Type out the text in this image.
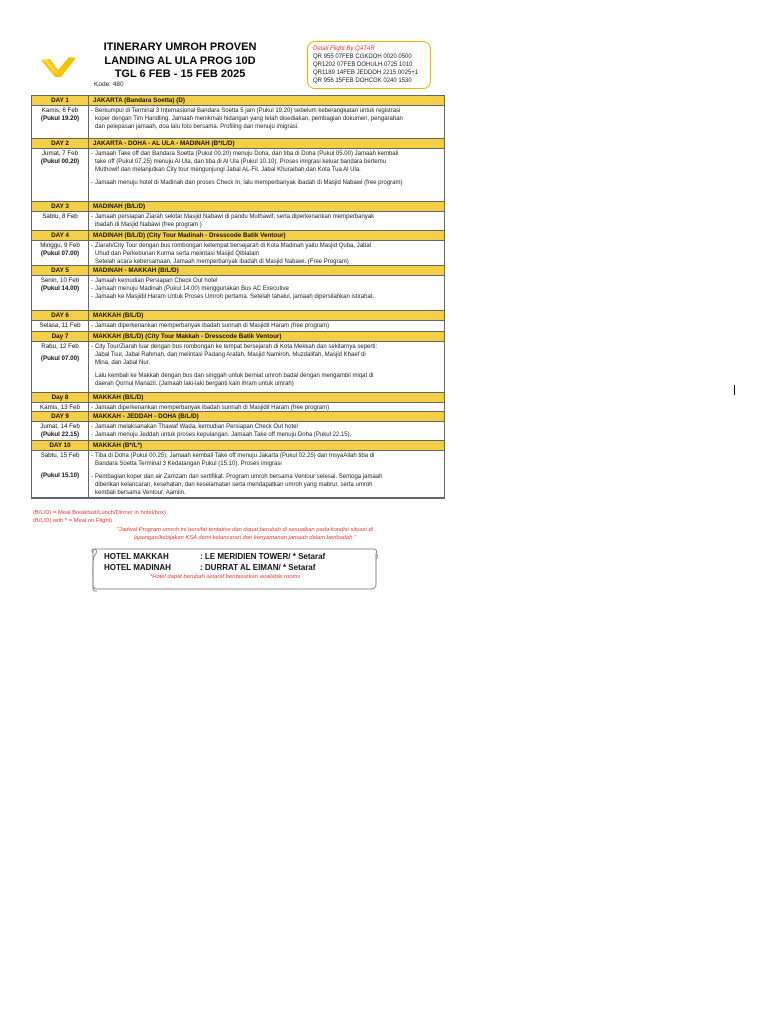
ITINERARY UMROH PROVEN
LANDING AL ULA PROG 10D
TGL 6 FEB - 15 FEB 2025
Kode: 480
Detail Flight By QATAR
QR 955 07FEB CGKDOH 0020 0500
QR1202 07FEB DOHULH 0725 1010
QR1189 14FEB JEDDOH 2215 0025+1
QR 956 15FEB DOHCGK 0240 1530
DAY 1	JAKARTA (Bandara Soetta) (D)
Kamis, 6 Feb
(Pukul 19.20)
- Berkumpul di Terminal 3 Internasional Bandara Soetta 5 jam (Pukul 19.20) sebelum keberangkatan untuk registrasi
koper dengan Tim Handling. Jamaah menikmati hidangan yang telah disediakan, pembagian dokumen, pengarahan
dan pelepasan jamaah, doa lalu foto bersama. Profiling dan menuju imigrasi.
DAY 2	JAKARTA - DOHA - AL ULA - MADINAH (B*/L/D)
Jumat, 7 Feb
(Pukul 00.20)
- Jamaah Take off dari Bandara Soetta (Pukul 00.20) menuju Doha, dan tiba di Doha (Pukul 05.00) Jamaah kembali
take off (Pukul 07.25) menuju Al Ula, dan tiba di Al Ula (Pukul 10.10). Proses imigrasi keluar bandara bertemu
Muthowif dan melanjutkan City tour mengunjungi Jabal AL-Fil, Jabal Khuraibah,dan Kota Tua Al Ula.
- Jamaah menuju hotel di Madinah dan proses Check In, lalu memperbanyak ibadah di Masjid Nabawi (free program)
DAY 3	MADINAH (B/L/D)
Sabtu, 8 Feb	- Jamaah persiapan Ziarah sekitar Masjid Nabawi di pandu Muthawif, serta diperkenankan memperbanyak
ibadah di Masjid Nabawi (free program )
DAY 4	MADINAH (B/L/D) (City Tour Madinah - Dresscode Batik Ventour)
Minggu, 9 Feb
(Pukul 07.00)
- Ziarah/City Tour dengan bus rombongan ketempat bersejarah di Kota Madinah yaitu Masjid Quba, Jabal
Uhud dan Perkebunan Kurma serta melintasi Masjid Qiblatain
Setelah acara kebersamaan, Jamaah memperbanyak ibadah di Masjid Nabawi. (Free Program)
DAY 5	MADINAH - MAKKAH (B/L/D)
Senin, 10 Feb
(Pukul 14.00)
- Jamaah kemudian Persiapan Check Out hotel
- Jamaah menuju Madinah (Pukul 14.00) menggunakan Bus AC Executive
- Jamaah ke Masjidil Haram Untuk Proses Umroh pertama. Setelah tahalul, jamaah dipersilahkan istirahat.
DAY 6	MAKKAH (B/L/D)
Selasa, 11 Feb	- Jamaah diperkenankan memperbanyak ibadah sunnah di Masjidil Haram (free program)
Day 7	MAKKAH (B/L/D) (City Tour Makkah - Dresscode Batik Ventour)
Rabu, 12 Feb
(Pukul 07.00)
- City Tour/Ziarah luar dengan bus rombongan ke tempat bersejarah di Kota Mekkah dan sekitarnya seperti:
Jabal Tsur, Jabal Rahmah, dan melintasi Padang Arafah, Masjid Namiroh, Muzdalifah, Masjid Khaef di
Mina, dan Jabal Nur.
Lalu kembali ke Makkah dengan bus dan singgah untuk berniat umroh badal dengan mengambil miqat di
daerah Qornul Manazil. (Jamaah laki-laki berganti kain ihram untuk umrah)
Day 8	MAKKAH (B/L/D)
Kamis, 13 Feb	- Jamaah diperkenankan memperbanyak ibadah sunnah di Masjidil Haram (free program)
DAY 9	MAKKAH - JEDDAH - DOHA (B/L/D)
Jumat, 14 Feb
(Pukul 22.15)
- Jamaah melaksanakan Thawaf Wada, kemudian Persiapan Check Out hotel
- Jamaah menuju Jeddah untuk proses kepulangan. Jamaah Take off menuju Doha (Pukul 22.15).
DAY 10	MAKKAH (B*/L*)
Sabtu, 15 Feb
(Pukul 15.10)
- Tiba di Doha (Pukul 00.25). Jamaah kembali Take off menuju Jakarta (Pukul 02.25) dan InsyaAllah tiba di
Bandara Soetta Terminal 3 Kedatangan Pukul (15.10). Proses imigrasi
- Pembagian koper dan air Zamzam dan sertifikat. Program umroh bersama Ventour selesai. Semoga jamaah
diberikan kelancaran, kesehatan, dan keselamatan serta mendapatkan umroh yang mabrur, serta umroh
kembali bersama Ventour, Aamiin.
(B/L/D) = Meal Breakfast/Lunch/Dinner in hotel/box)
(B/L/D) with * = Meal on Flight)
"Jadwal Program umroh ini bersifat tentative dan dapat berubah di sesuaikan pada kondisi situasi di
lapangan/kebijakan KSA demi kelancaran dan kenyamanan jamaah dalam beribadah."
HOTEL MAKKAH	: LE MERIDIEN TOWER/ * Setaraf
HOTEL MADINAH	: DURRAT AL EIMAN/ * Setaraf
*Hotel dapat berubah setaraf berdasarkan available rooms
